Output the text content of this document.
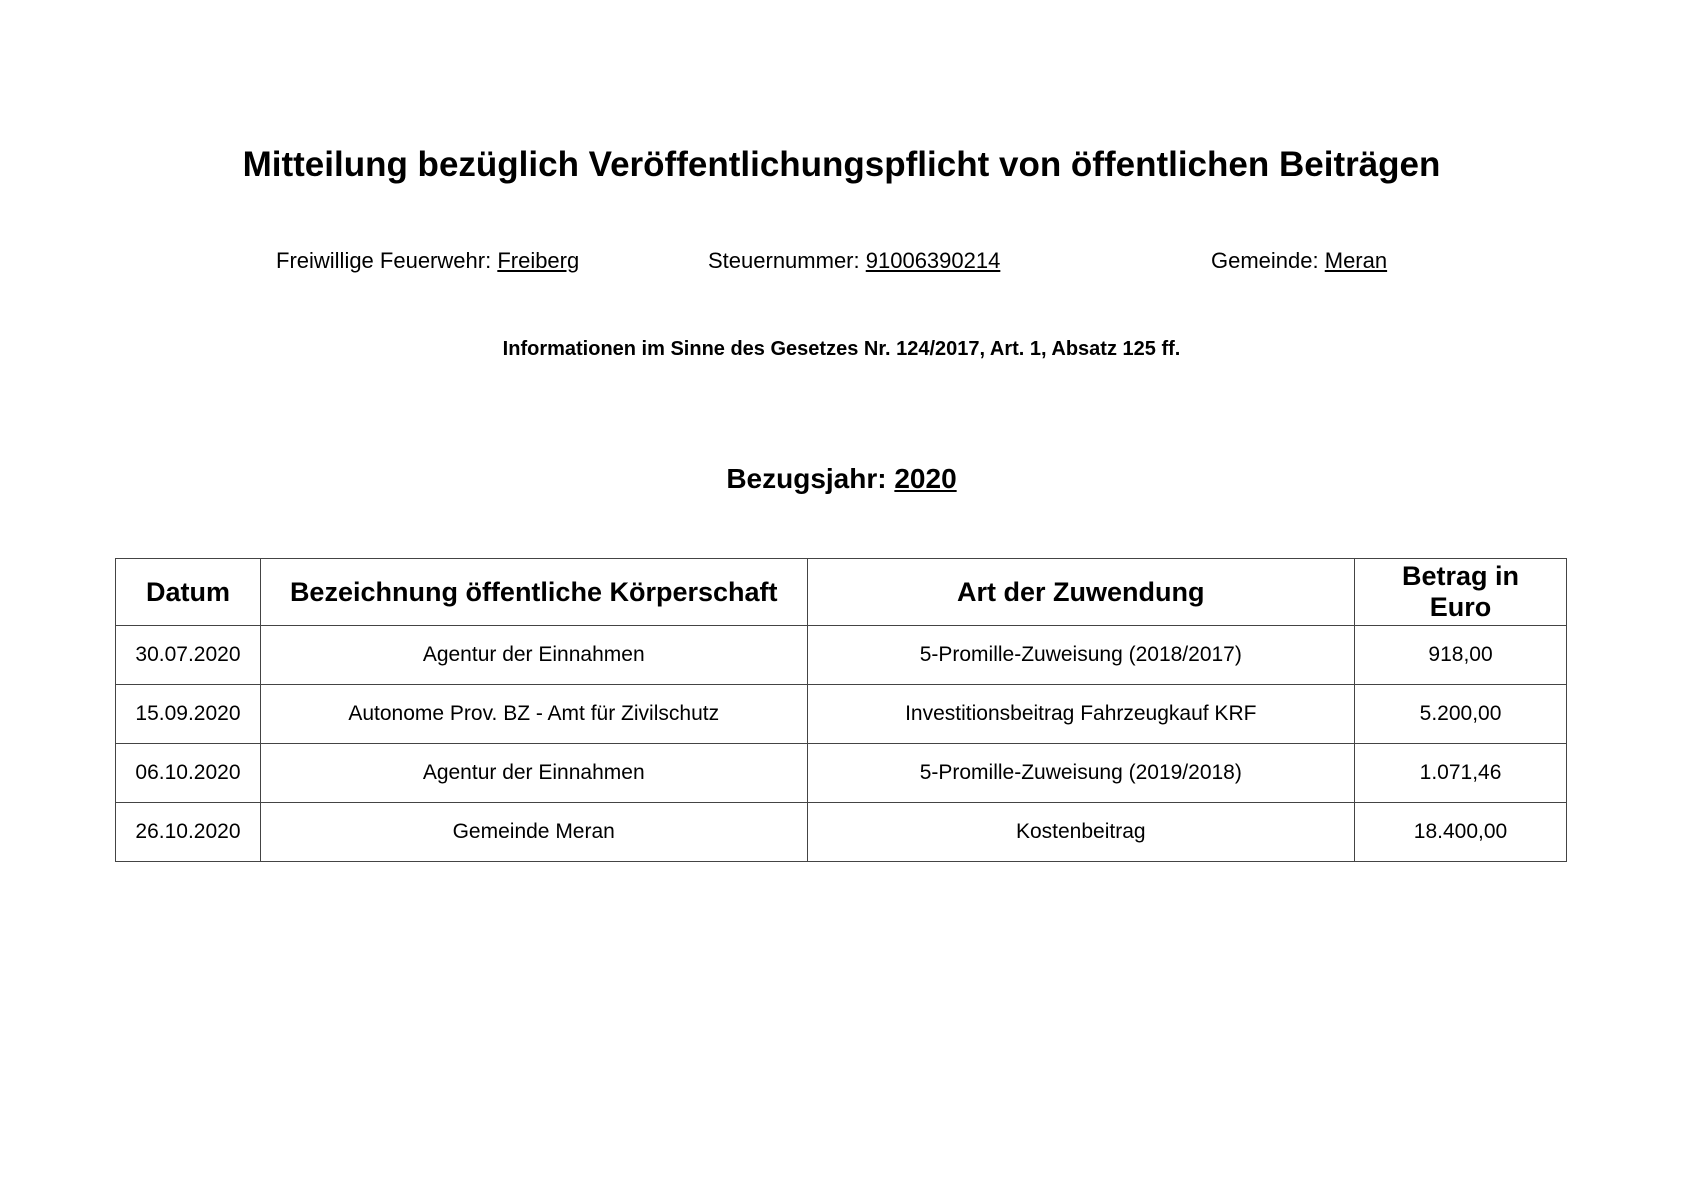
Mitteilung bezüglich Veröffentlichungspflicht von öffentlichen Beiträgen
Freiwillige Feuerwehr: Freiberg	Steuernummer: 91006390214	Gemeinde: Meran
Informationen im Sinne des Gesetzes Nr. 124/2017, Art. 1, Absatz 125 ff.
Bezugsjahr: 2020
Datum	Bezeichnung öffentliche Körperschaft	Art der Zuwendung	Betrag in Euro
30.07.2020	Agentur der Einnahmen	5-Promille-Zuweisung (2018/2017)	918,00
15.09.2020	Autonome Prov. BZ - Amt für Zivilschutz	Investitionsbeitrag Fahrzeugkauf KRF	5.200,00
06.10.2020	Agentur der Einnahmen	5-Promille-Zuweisung (2019/2018)	1.071,46
26.10.2020	Gemeinde Meran	Kostenbeitrag	18.400,00
